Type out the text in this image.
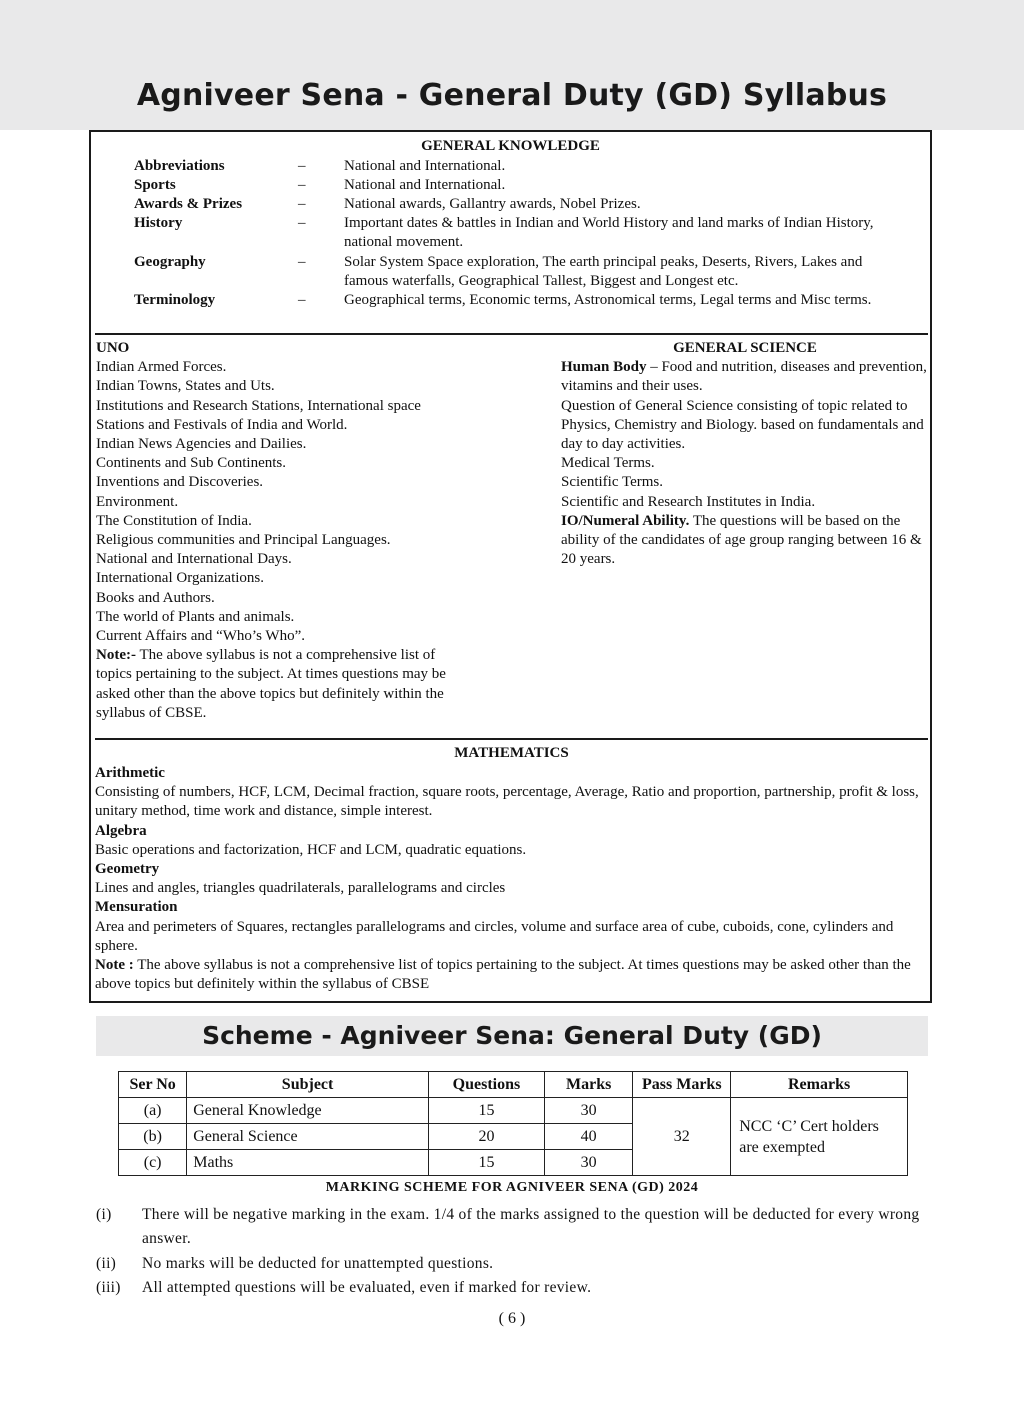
Agniveer Sena - General Duty (GD) Syllabus
GENERAL KNOWLEDGE
Abbreviations	–	National and International.
Sports	–	National and International.
Awards & Prizes	–	National awards, Gallantry awards, Nobel Prizes.
History	–	Important dates & battles in Indian and World History and land marks of Indian History, national movement.
Geography	–	Solar System Space exploration, The earth principal peaks, Deserts, Rivers, Lakes and famous waterfalls, Geographical Tallest, Biggest and Longest etc.
Terminology	–	Geographical terms, Economic terms, Astronomical terms, Legal terms and Misc terms.

UNO

Indian Armed Forces.

Indian Towns, States and Uts.

Institutions and Research Stations, International space

Stations and Festivals of India and World.

Indian News Agencies and Dailies.

Continents and Sub Continents.

Inventions and Discoveries.

Environment.

The Constitution of India.

Religious communities and Principal Languages.

National and International Days.

International Organizations.

Books and Authors.

The world of Plants and animals.

Current Affairs and “Who’s Who”.

Note:- The above syllabus is not a comprehensive list of topics pertaining to the subject. At times questions may be asked other than the above topics but definitely within the syllabus of CBSE.

GENERAL SCIENCE

Human Body – Food and nutrition, diseases and prevention, vitamins and their uses.

Question of General Science consisting of topic related to Physics, Chemistry and Biology. based on fundamentals and day to day activities.

Medical Terms.

Scientific Terms.

Scientific and Research Institutes in India.

IO/Numeral Ability. The questions will be based on the ability of the candidates of age group ranging between 16 & 20 years.

MATHEMATICS

Arithmetic

Consisting of numbers, HCF, LCM, Decimal fraction, square roots, percentage, Average, Ratio and proportion, partnership, profit & loss, unitary method, time work and distance, simple interest.

Algebra

Basic operations and factorization, HCF and LCM, quadratic equations.

Geometry

Lines and angles, triangles quadrilaterals, parallelograms and circles

Mensuration

Area and perimeters of Squares, rectangles parallelograms and circles, volume and surface area of cube, cuboids, cone, cylinders and sphere.

Note : The above syllabus is not a comprehensive list of topics pertaining to the subject. At times questions may be asked other than the above topics but definitely within the syllabus of CBSE

Scheme - Agniveer Sena: General Duty (GD)
Ser No	Subject	Questions	Marks	Pass Marks	Remarks
(a)	General Knowledge	15	30	32	NCC ‘C’ Cert holders are exempted
(b)	General Science	20	40		
(c)	Maths	15	30		
MARKING SCHEME FOR AGNIVEER SENA (GD) 2024
(i) There will be negative marking in the exam. 1/4 of the marks assigned to the question will be deducted for every wrong answer.
(ii) No marks will be deducted for unattempted questions.
(iii) All attempted questions will be evaluated, even if marked for review.
( 6 )
